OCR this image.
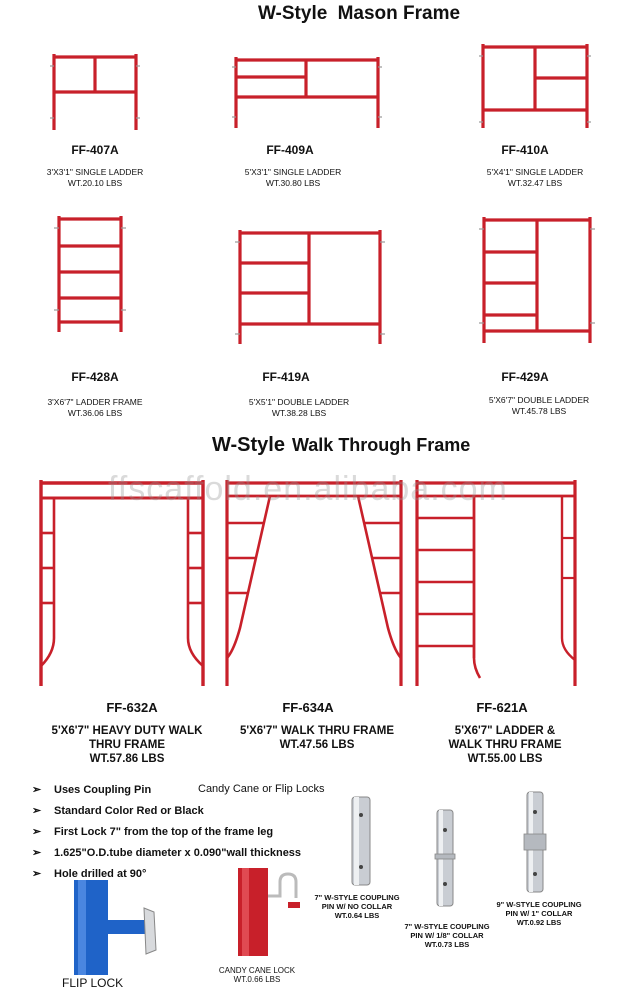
W-Style Mason Frame
FF-407A
3'X3'1" SINGLE LADDER
WT.20.10 LBS
FF-409A
5'X3'1" SINGLE LADDER
WT.30.80 LBS
FF-410A
5'X4'1" SINGLE LADDER
WT.32.47 LBS
FF-428A
3'X6'7" LADDER FRAME
WT.36.06 LBS
FF-419A
5'X5'1" DOUBLE LADDER
WT.38.28 LBS
FF-429A
5'X6'7" DOUBLE LADDER
WT.45.78 LBS
W-Style Walk Through Frame
ffscaffold.en.alibaba.com
FF-632A
5'X6'7" HEAVY DUTY WALK
THRU FRAME
WT.57.86 LBS
FF-634A
5'X6'7" WALK THRU FRAME
WT.47.56 LBS
FF-621A
5'X6'7" LADDER &
WALK THRU FRAME
WT.55.00 LBS
➢ Uses Coupling Pin	Candy Cane or Flip Locks
➢ Standard Color Red or Black
➢ First Lock 7" from the top of the frame leg
➢ 1.625"O.D.tube diameter x 0.090"wall thickness
➢ Hole drilled at 90°
FLIP LOCK
CANDY CANE LOCK
WT.0.66 LBS
7" W-STYLE COUPLING
PIN W/ NO COLLAR
WT.0.64 LBS
7" W-STYLE COUPLING
PIN W/ 1/8" COLLAR
WT.0.73 LBS
9" W-STYLE COUPLING
PIN W/ 1" COLLAR
WT.0.92 LBS
